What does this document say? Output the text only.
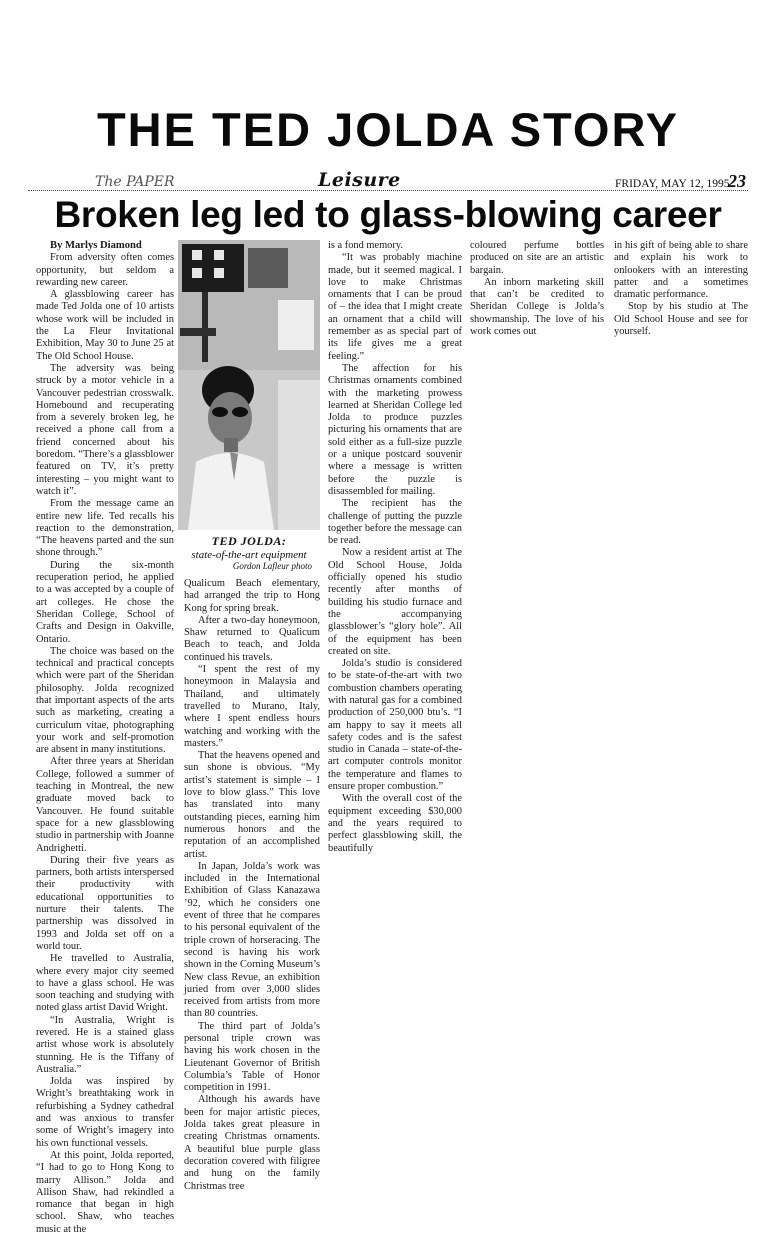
THE TED JOLDA STORY
The PAPER	Leisure	FRIDAY, MAY 12, 1995
23
Broken leg led to glass-blowing career

By Marlys Diamond

From adversity often comes opportunity, but seldom a rewarding new career.

A glassblowing career has made Ted Jolda one of 10 artists whose work will be included in the La Fleur Invitational Exhibition, May 30 to June 25 at The Old School House.

The adversity was being struck by a motor vehicle in a Vancouver pedestrian crosswalk. Homebound and recuperating from a severely broken leg, he received a phone call from a friend concerned about his boredom. “There’s a glassblower featured on TV, it’s pretty interesting – you might want to watch it”.

From the message came an entire new life. Ted recalls his reaction to the demonstration, “The heavens parted and the sun shone through.”

During the six-month recuperation period, he applied to a was accepted by a couple of art colleges. He chose the Sheridan College, School of Crafts and Design in Oakville, Ontario.

The choice was based on the technical and practical concepts which were part of the Sheridan philosophy. Jolda recognized that important aspects of the arts such as marketing, creating a curriculum vitae, photographing your work and self-promotion are absent in many institutions.

After three years at Sheridan College, followed a summer of teaching in Montreal, the new graduate moved back to Vancouver. He found suitable space for a new glassblowing studio in partnership with Joanne Andrighetti.

During their five years as partners, both artists interspersed their productivity with educational opportunities to nurture their talents. The partnership was dissolved in 1993 and Jolda set off on a world tour.

He travelled to Australia, where every major city seemed to have a glass school. He was soon teaching and studying with noted glass artist David Wright.

“In Australia, Wright is revered. He is a stained glass artist whose work is absolutely stunning. He is the Tiffany of Australia.”

Jolda was inspired by Wright’s breathtaking work in refurbishing a Sydney cathedral and was anxious to transfer some of Wright’s imagery into his own functional vessels.

At this point, Jolda reported, “I had to go to Hong Kong to marry Allison.” Jolda and Allison Shaw, had rekindled a romance that began in high school. Shaw, who teaches music at the

TED JOLDA:
state-of-the-art equipment
Gordon Lafleur photo

Qualicum Beach elementary, had arranged the trip to Hong Kong for spring break.

After a two-day honeymoon, Shaw returned to Qualicum Beach to teach, and Jolda continued his travels.

“I spent the rest of my honeymoon in Malaysia and Thailand, and ultimately travelled to Murano, Italy, where I spent endless hours watching and working with the masters.”

That the heavens opened and sun shone is obvious. “My artist’s statement is simple – I love to blow glass.” This love has translated into many outstanding pieces, earning him numerous honors and the reputation of an accomplished artist.

In Japan, Jolda’s work was included in the International Exhibition of Glass Kanazawa ’92, which he considers one event of three that he compares to his personal equivalent of the triple crown of horseracing. The second is having his work shown in the Corning Museum’s New class Revue, an exhibition juried from over 3,000 slides received from artists from more than 80 countries.

The third part of Jolda’s personal triple crown was having his work chosen in the Lieutenant Governor of British Columbia’s Table of Honor competition in 1991.

Although his awards have been for major artistic pieces, Jolda takes great pleasure in creating Christmas ornaments. A beautiful blue purple glass decoration covered with filigree and hung on the family Christmas tree

is a fond memory.

“It was probably machine made, but it seemed magical. I love to make Christmas ornaments that I can be proud of – the idea that I might create an ornament that a child will remember as as special part of its life gives me a great feeling.”

The affection for his Christmas ornaments combined with the marketing prowess learned at Sheridan College led Jolda to produce puzzles picturing his ornaments that are sold either as a full-size puzzle or a unique postcard souvenir where a message is written before the puzzle is disassembled for mailing.

The recipient has the challenge of putting the puzzle together before the message can be read.

Now a resident artist at The Old School House, Jolda officially opened his studio recently after months of building his studio furnace and the accompanying glassblower’s “glory hole”. All of the equipment has been created on site.

Jolda’s studio is considered to be state-of-the-art with two combustion chambers operating with natural gas for a combined production of 250,000 btu’s. “I am happy to say it meets all safety codes and is the safest studio in Canada – state-of-the-art computer controls monitor the temperature and flames to ensure proper combustion.”

With the overall cost of the equipment exceeding $30,000 and the years required to perfect glassblowing skill, the beautifully

coloured perfume bottles produced on site are an artistic bargain.

An inborn marketing skill that can’t be credited to Sheridan College is Jolda’s showmanship. The love of his work comes out

in his gift of being able to share and explain his work to onlookers with an interesting patter and a sometimes dramatic performance.

Stop by his studio at The Old School House and see for yourself.
